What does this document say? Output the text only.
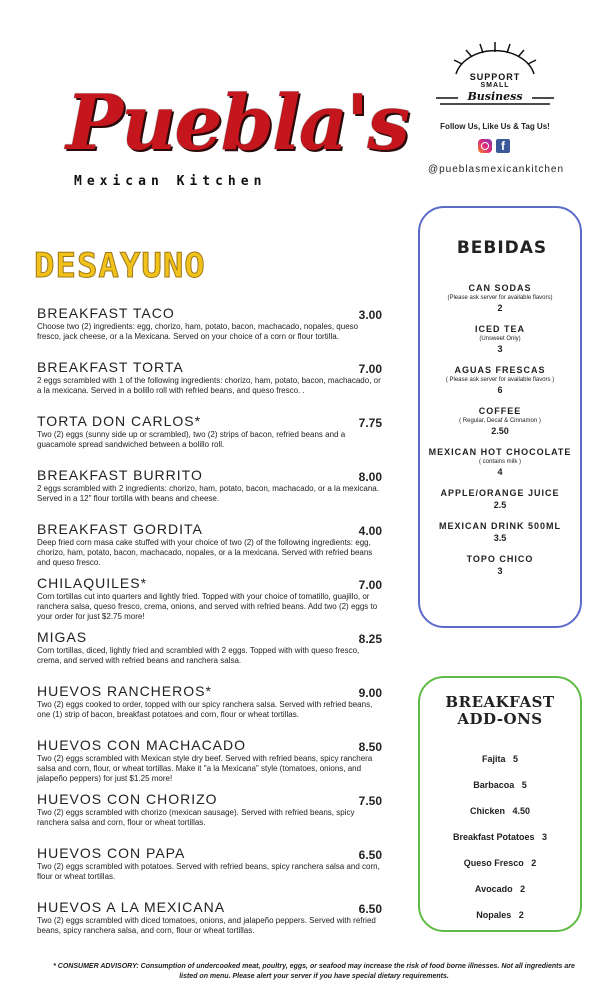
Puebla's
Mexican Kitchen
SUPPORT
SMALL
Business
Follow Us, Like Us & Tag Us!
f
@pueblasmexicankitchen
DESAYUNO
BREAKFAST TACO	3.00
Choose two (2) ingredients: egg, chorizo, ham, potato, bacon, machacado, nopales, queso fresco, jack cheese, or a la Mexicana. Served on your choice of a corn or flour tortilla.
BREAKFAST TORTA	7.00
2 eggs scrambled with 1 of the following ingredients: chorizo, ham, potato, bacon, machacado, or a la mexicana. Served in a bolillo roll with refried beans, and queso fresco. .
TORTA DON CARLOS*	7.75
Two (2) eggs (sunny side up or scrambled), two (2) strips of bacon, refried beans and a guacamole spread sandwiched between a bolillo roll.
BREAKFAST BURRITO	8.00
2 eggs scrambled with 2 ingredients: chorizo, ham, potato, bacon, machacado, or a la mexicana. Served in a 12" flour tortilla with beans and cheese.
BREAKFAST GORDITA	4.00
Deep fried corn masa cake stuffed with your choice of two (2) of the following ingredients: egg, chorizo, ham, potato, bacon, machacado, nopales, or a la mexicana. Served with refried beans and queso fresco.
CHILAQUILES*	7.00
Corn tortillas cut into quarters and lightly fried. Topped with your choice of tomatillo, guajillo, or ranchera salsa, queso fresco, crema, onions, and served with refried beans. Add two (2) eggs to your order for just $2.75 more!
MIGAS	8.25
Corn tortillas, diced, lightly fried and scrambled with 2 eggs. Topped with with queso fresco, crema, and served with refried beans and ranchera salsa.
HUEVOS RANCHEROS*	9.00
Two (2) eggs cooked to order, topped with our spicy ranchera salsa. Served with refried beans, one (1) strip of bacon, breakfast potatoes and corn, flour or wheat tortillas.
HUEVOS CON MACHACADO	8.50
Two (2) eggs scrambled with Mexican style dry beef. Served with refried beans, spicy ranchera salsa and corn, flour, or wheat tortillas. Make it "a la Mexicana" style (tomatoes, onions, and jalapeño peppers) for just $1.25 more!
HUEVOS CON CHORIZO	7.50
Two (2) eggs scrambled with chorizo (mexican sausage). Served with refried beans, spicy ranchera salsa and corn, flour or wheat tortillas.
HUEVOS CON PAPA	6.50
Two (2) eggs scrambled with potatoes. Served with refried beans, spicy ranchera salsa and corn, flour or wheat tortillas.
HUEVOS A LA MEXICANA	6.50
Two (2) eggs scrambled with diced tomatoes, onions, and jalapeño peppers. Served with refried beans, spicy ranchera salsa, and corn, flour or wheat tortillas.
BEBIDAS
CAN SODAS
(Please ask server for available flavors)
2
ICED TEA
(Unsweet Only)
3
AGUAS FRESCAS
( Please ask server for available flavors )
6
COFFEE
( Regular, Decaf & Cinnamon )
2.50
MEXICAN HOT CHOCOLATE
( contains milk )
4
APPLE/ORANGE JUICE
2.5
MEXICAN DRINK 500ML
3.5
TOPO CHICO
3
BREAKFAST
ADD-ONS
Fajita   5
Barbacoa   5
Chicken   4.50
Breakfast Potatoes   3
Queso Fresco   2
Avocado   2
Nopales   2
* CONSUMER ADVISORY: Consumption of undercooked meat, poultry, eggs, or seafood may increase the risk of food borne illnesses. Not all ingredients are listed on menu. Please alert your server if you have special dietary requirements.
